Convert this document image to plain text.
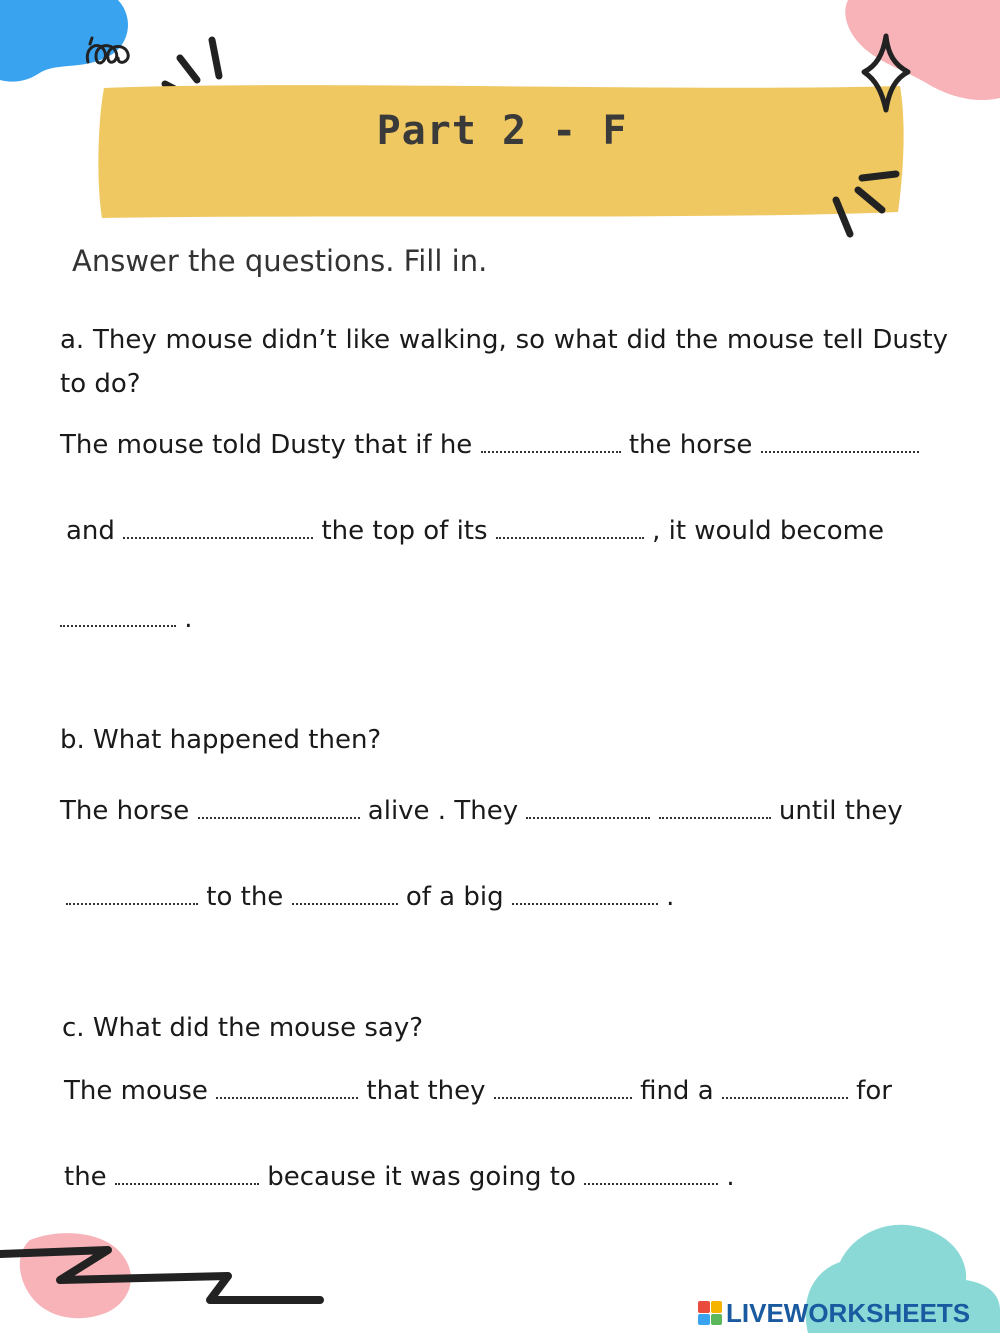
Part 2 - F
Answer the questions. Fill in.
a. They mouse didn’t like walking, so what did the mouse tell Dusty to do?
The mouse told Dusty that if he	the horse
and	the top of its	, it would become
.
b. What happened then?
The horse	alive . They	until they
to the	of a big	.
c. What did the mouse say?
The mouse	that they	find a	for
the	because it was going to	.
LIVEWORKSHEETS
